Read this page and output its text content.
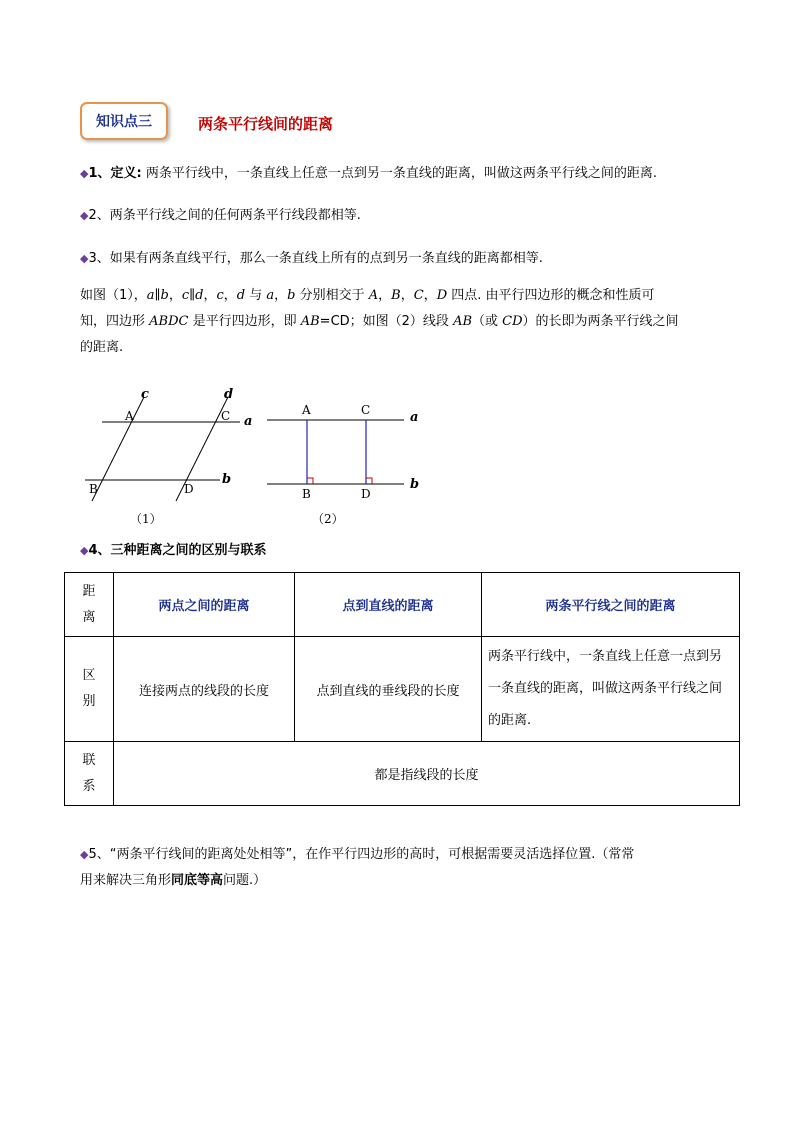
知识点三	两条平行线间的距离
◆1、定义: 两条平行线中，一条直线上任意一点到另一条直线的距离，叫做这两条平行线之间的距离.
◆2、两条平行线之间的任何两条平行线段都相等.
◆3、如果有两条直线平行，那么一条直线上所有的点到另一条直线的距离都相等.
如图（1），a∥b，c∥d，c，d 与 a，b 分别相交于 A，B，C，D 四点. 由平行四边形的概念和性质可
知，四边形 ABDC 是平行四边形，即 AB=CD；如图（2）线段 AB（或 CD）的长即为两条平行线之间
的距离.
c	d
A	C a
B	D
b
（1）
A	C	a
B	D
b
（2）
◆4、三种距离之间的区别与联系
距
离	两点之间的距离	点到直线的距离	两条平行线之间的距离
区
别	连接两点的线段的长度	点到直线的垂线段的长度	两条平行线中，一条直线上任意一点到另一条直线的距离，叫做这两条平行线之间的距离.
联
系	都是指线段的长度		
◆5、“两条平行线间的距离处处相等”，在作平行四边形的高时，可根据需要灵活选择位置.（常常
用来解决三角形同底等高问题.）
